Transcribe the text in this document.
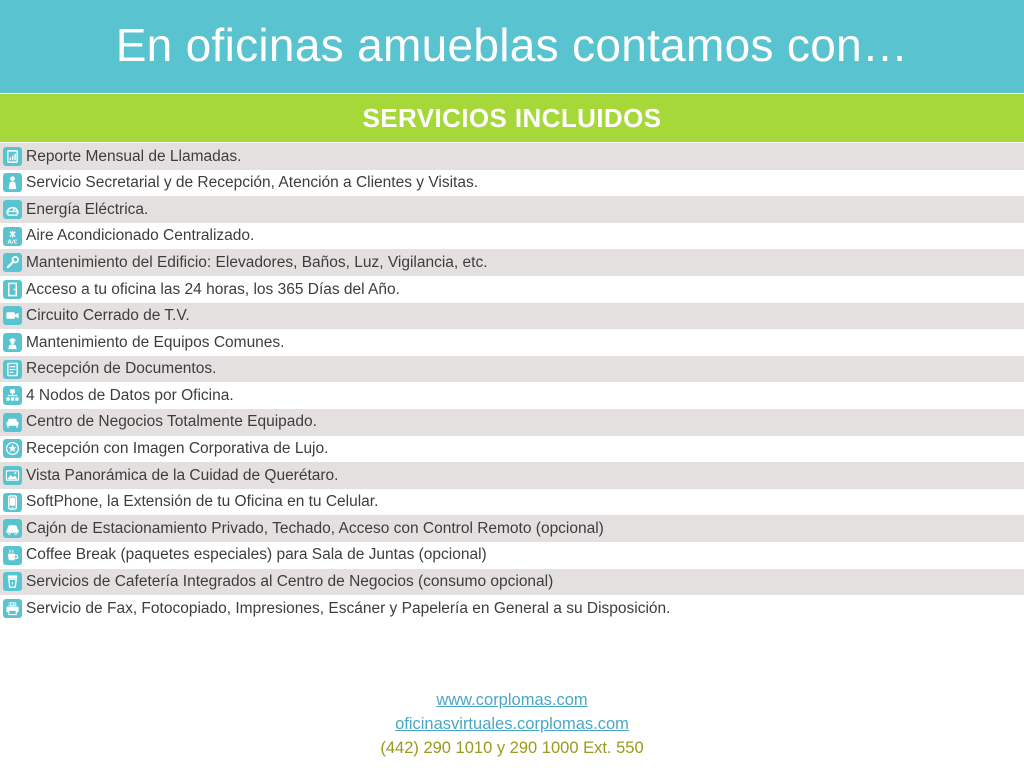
En oficinas amueblas contamos con…
SERVICIOS INCLUIDOS
Reporte Mensual de Llamadas.
Servicio Secretarial y de Recepción, Atención a Clientes y Visitas.
Energía Eléctrica.
A/C Aire Acondicionado Centralizado.
Mantenimiento del Edificio: Elevadores, Baños, Luz, Vigilancia, etc.
Acceso a tu oficina las 24 horas, los 365 Días del Año.
Circuito Cerrado de T.V.
Mantenimiento de Equipos Comunes.
Recepción de Documentos.
4 Nodos de Datos por Oficina.
Centro de Negocios Totalmente Equipado.
Recepción con Imagen Corporativa de Lujo.
Vista Panorámica de la Cuidad de Querétaro.
SoftPhone, la Extensión de tu Oficina en tu Celular.
Cajón de Estacionamiento Privado, Techado, Acceso con Control Remoto (opcional)
Coffee Break (paquetes especiales) para Sala de Juntas (opcional)
Servicios de Cafetería Integrados al Centro de Negocios (consumo opcional)
FAX Servicio de Fax, Fotocopiado, Impresiones, Escáner y Papelería en General a su Disposición.
www.corplomas.com
oficinasvirtuales.corplomas.com
(442) 290 1010 y 290 1000 Ext. 550
